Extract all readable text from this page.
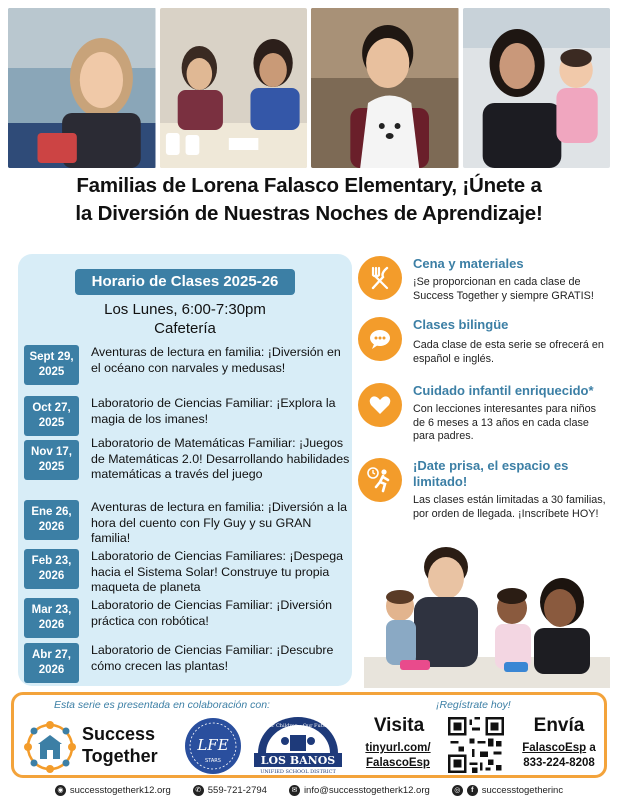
Familias de Lorena Falasco Elementary, ¡Únete a
la Diversión de Nuestras Noches de Aprendizaje!
Horario de Clases 2025-26
Los Lunes, 6:00-7:30pm
Cafetería
Sept 29,
2025
Aventuras de lectura en familia: ¡Diversión en el océano con narvales y medusas!
Oct 27,
2025
Laboratorio de Ciencias Familiar: ¡Explora la magia de los imanes!
Nov 17,
2025
Laboratorio de Matemáticas Familiar: ¡Juegos de Matemáticas 2.0! Desarrollando habilidades matemáticas a través del juego
Ene 26,
2026
Aventuras de lectura en familia: ¡Diversión a la hora del cuento con Fly Guy y su GRAN familia!
Feb 23,
2026
Laboratorio de Ciencias Familiares: ¡Despega hacia el Sistema Solar! Construye tu propia maqueta de planeta
Mar 23,
2026
Laboratorio de Ciencias Familiar: ¡Diversión práctica con robótica!
Abr 27,
2026
Laboratorio de Ciencias Familiar: ¡Descubre cómo crecen las plantas!
Cena y materiales
¡Se proporcionan en cada clase de Success Together y siempre GRATIS!
Clases bilingüe
Cada clase de esta serie se ofrecerá en español e inglés.
Cuidado infantil enriquecido*
Con lecciones interesantes para niños de 6 meses a 13 años en cada clase para padres.
¡Date prisa, el espacio es limitado!
Las clases están limitadas a 30 familias, por orden de llegada. ¡Inscríbete HOY!
Esta serie es presentada en colaboración con:	¡Regístrate hoy!
Success
Together
LFE
STARS
Our Children · Our Future
LOS BANOS
UNIFIED SCHOOL DISTRICT
Visita
tinyurl.com/
FalascoEsp
Envía
FalascoEsp a
833-224-8208
◉ successtogetherk12.org	✆ 559-721-2794	✉ info@successtogetherk12.org	◎	f successtogetherinc
